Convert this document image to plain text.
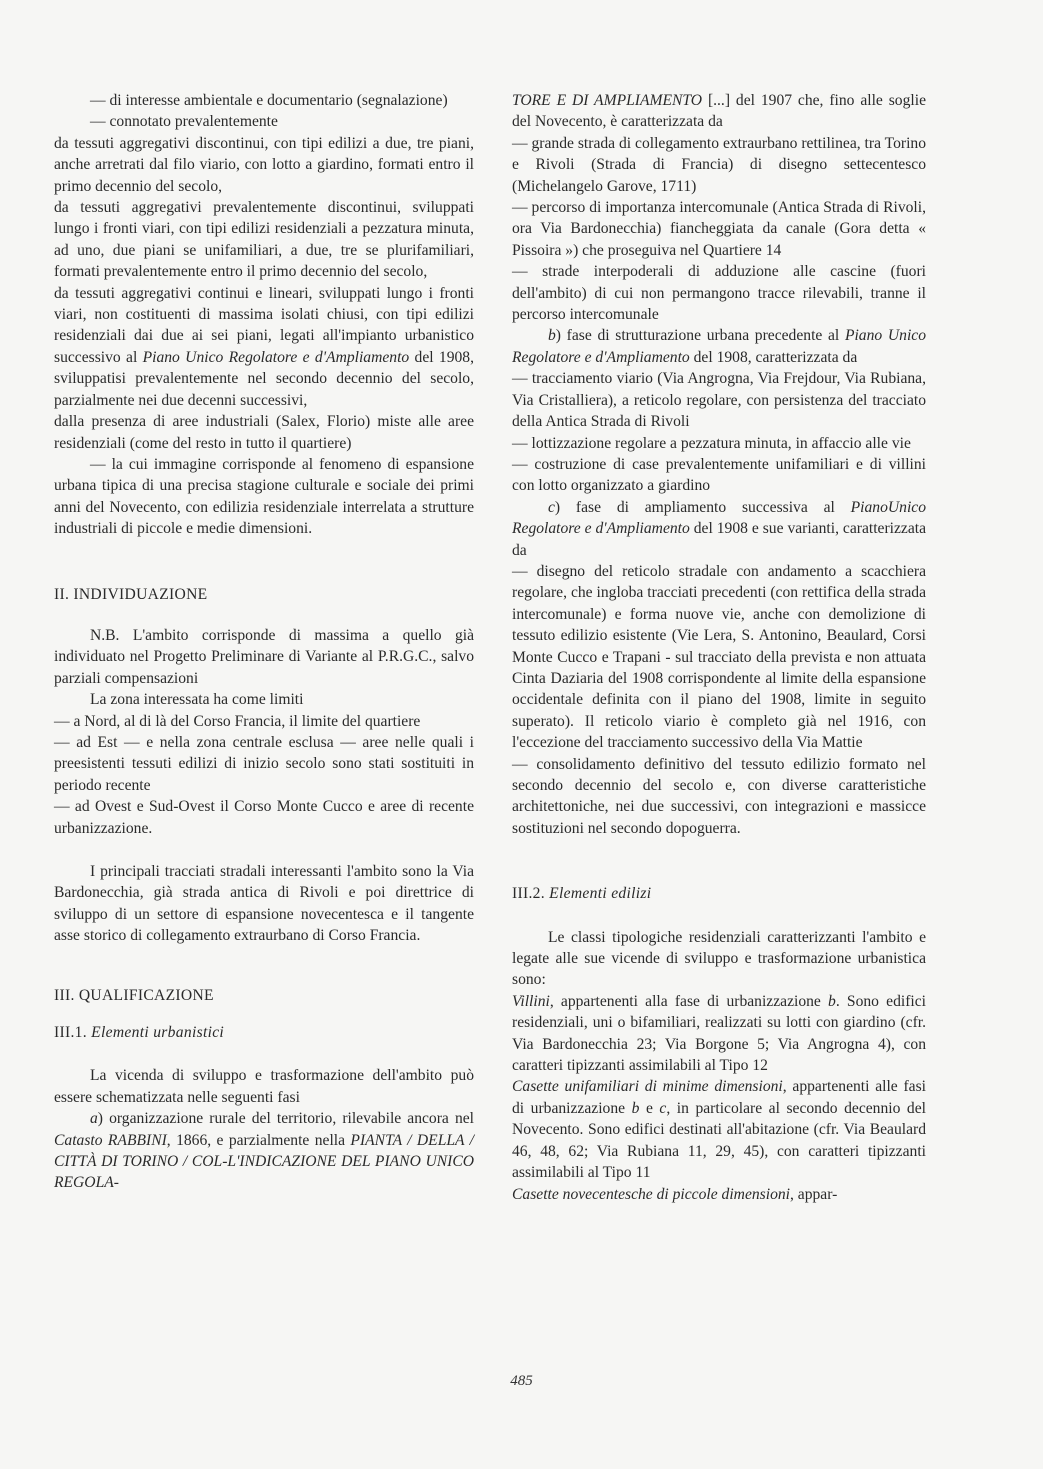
— di interesse ambientale e documentario (segnalazione)

— connotato prevalentemente

da tessuti aggregativi discontinui, con tipi edilizi a due, tre piani, anche arretrati dal filo viario, con lotto a giardino, formati entro il primo decennio del secolo,

da tessuti aggregativi prevalentemente discontinui, sviluppati lungo i fronti viari, con tipi edilizi residenziali a pezzatura minuta, ad uno, due piani se unifamiliari, a due, tre se plurifamiliari, formati prevalentemente entro il primo decennio del secolo,

da tessuti aggregativi continui e lineari, sviluppati lungo i fronti viari, non costituenti di massima isolati chiusi, con tipi edilizi residenziali dai due ai sei piani, legati all'impianto urbanistico successivo al Piano Unico Regolatore e d'Ampliamento del 1908, sviluppatisi prevalentemente nel secondo decennio del secolo, parzialmente nei due decenni successivi,

dalla presenza di aree industriali (Salex, Florio) miste alle aree residenziali (come del resto in tutto il quartiere)

— la cui immagine corrisponde al fenomeno di espansione urbana tipica di una precisa stagione culturale e sociale dei primi anni del Novecento, con edilizia residenziale interrelata a strutture industriali di piccole e medie dimensioni.

II. INDIVIDUAZIONE

N.B. L'ambito corrisponde di massima a quello già individuato nel Progetto Preliminare di Variante al P.R.G.C., salvo parziali compensazioni

La zona interessata ha come limiti

— a Nord, al di là del Corso Francia, il limite del quartiere

— ad Est — e nella zona centrale esclusa — aree nelle quali i preesistenti tessuti edilizi di inizio secolo sono stati sostituiti in periodo recente

— ad Ovest e Sud-Ovest il Corso Monte Cucco e aree di recente urbanizzazione.

I principali tracciati stradali interessanti l'ambito sono la Via Bardonecchia, già strada antica di Rivoli e poi direttrice di sviluppo di un settore di espansione novecentesca e il tangente asse storico di collegamento extraurbano di Corso Francia.

III. QUALIFICAZIONE

III.1. Elementi urbanistici

La vicenda di sviluppo e trasformazione dell'ambito può essere schematizzata nelle seguenti fasi

a) organizzazione rurale del territorio, rilevabile ancora nel Catasto RABBINI, 1866, e parzialmente nella PIANTA / DELLA / CITTÀ DI TORINO / COL-L'INDICAZIONE DEL PIANO UNICO REGOLA-

TORE E DI AMPLIAMENTO [...] del 1907 che, fino alle soglie del Novecento, è caratterizzata da

— grande strada di collegamento extraurbano rettilinea, tra Torino e Rivoli (Strada di Francia) di disegno settecentesco (Michelangelo Garove, 1711)

— percorso di importanza intercomunale (Antica Strada di Rivoli, ora Via Bardonecchia) fiancheggiata da canale (Gora detta « Pissoira ») che proseguiva nel Quartiere 14

— strade interpoderali di adduzione alle cascine (fuori dell'ambito) di cui non permangono tracce rilevabili, tranne il percorso intercomunale

b) fase di strutturazione urbana precedente al Piano Unico Regolatore e d'Ampliamento del 1908, caratterizzata da

— tracciamento viario (Via Angrogna, Via Frejdour, Via Rubiana, Via Cristalliera), a reticolo regolare, con persistenza del tracciato della Antica Strada di Rivoli

— lottizzazione regolare a pezzatura minuta, in affaccio alle vie

— costruzione di case prevalentemente unifamiliari e di villini con lotto organizzato a giardino

c) fase di ampliamento successiva al PianoUnico Regolatore e d'Ampliamento del 1908 e sue varianti, caratterizzata da

— disegno del reticolo stradale con andamento a scacchiera regolare, che ingloba tracciati precedenti (con rettifica della strada intercomunale) e forma nuove vie, anche con demolizione di tessuto edilizio esistente (Vie Lera, S. Antonino, Beaulard, Corsi Monte Cucco e Trapani - sul tracciato della prevista e non attuata Cinta Daziaria del 1908 corrispondente al limite della espansione occidentale definita con il piano del 1908, limite in seguito superato). Il reticolo viario è completo già nel 1916, con l'eccezione del tracciamento successivo della Via Mattie

— consolidamento definitivo del tessuto edilizio formato nel secondo decennio del secolo e, con diverse caratteristiche architettoniche, nei due successivi, con integrazioni e massicce sostituzioni nel secondo dopoguerra.

III.2. Elementi edilizi

Le classi tipologiche residenziali caratterizzanti l'ambito e legate alle sue vicende di sviluppo e trasformazione urbanistica sono:

Villini, appartenenti alla fase di urbanizzazione b. Sono edifici residenziali, uni o bifamiliari, realizzati su lotti con giardino (cfr. Via Bardonecchia 23; Via Borgone 5; Via Angrogna 4), con caratteri tipizzanti assimilabili al Tipo 12

Casette unifamiliari di minime dimensioni, appartenenti alle fasi di urbanizzazione b e c, in particolare al secondo decennio del Novecento. Sono edifici destinati all'abitazione (cfr. Via Beaulard 46, 48, 62; Via Rubiana 11, 29, 45), con caratteri tipizzanti assimilabili al Tipo 11

Casette novecentesche di piccole dimensioni, appar-

485
